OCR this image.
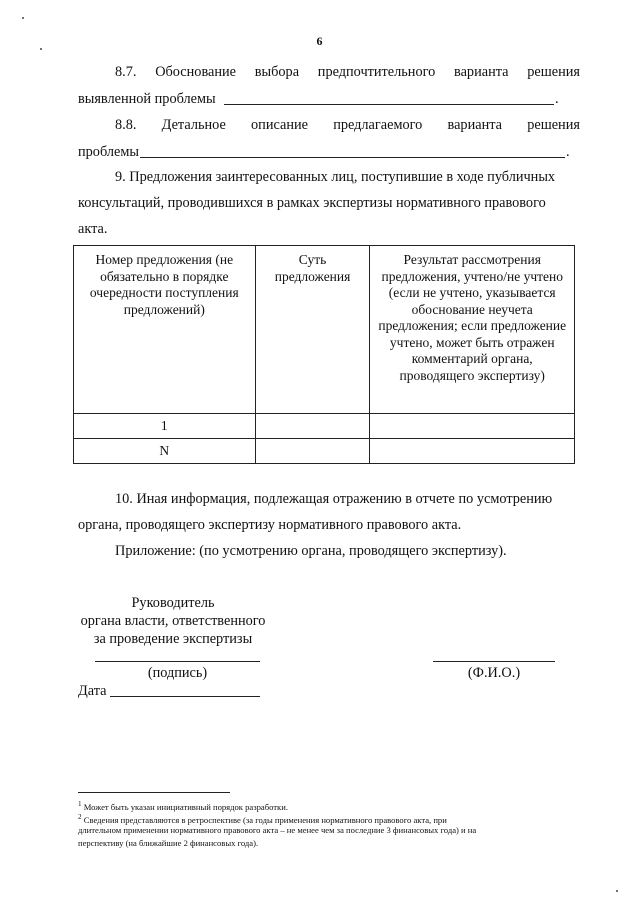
6
8.7. Обоснование выбора предпочтительного варианта решения
выявленной проблемы	.
8.8. Детальное описание предлагаемого варианта решения
проблемы	.
9. Предложения заинтересованных лиц, поступившие в ходе публичных
консультаций, проводившихся в рамках экспертизы нормативного правового
акта.
Номер предложения (не обязательно в порядке очередности поступления предложений)	Суть предложения	Результат рассмотрения предложения, учтено/не учтено (если не учтено, указывается обоснование неучета предложения; если предложение учтено, может быть отражен комментарий органа, проводящего экспертизу)
1		
N		
10. Иная информация, подлежащая отражению в отчете по усмотрению
органа, проводящего экспертизу нормативного правового акта.
Приложение: (по усмотрению органа, проводящего экспертизу).
Руководитель
органа власти, ответственного
за проведение экспертизы
(подпись)	(Ф.И.О.)
Дата
$^1$ Может быть указан инициативный порядок разработки.
$^2$ Сведения представляются в ретроспективе (за годы применения нормативного правового акта, при
длительном применении нормативного правового акта – не менее чем за последние 3 финансовых года) и на
перспективу (на ближайшие 2 финансовых года).
